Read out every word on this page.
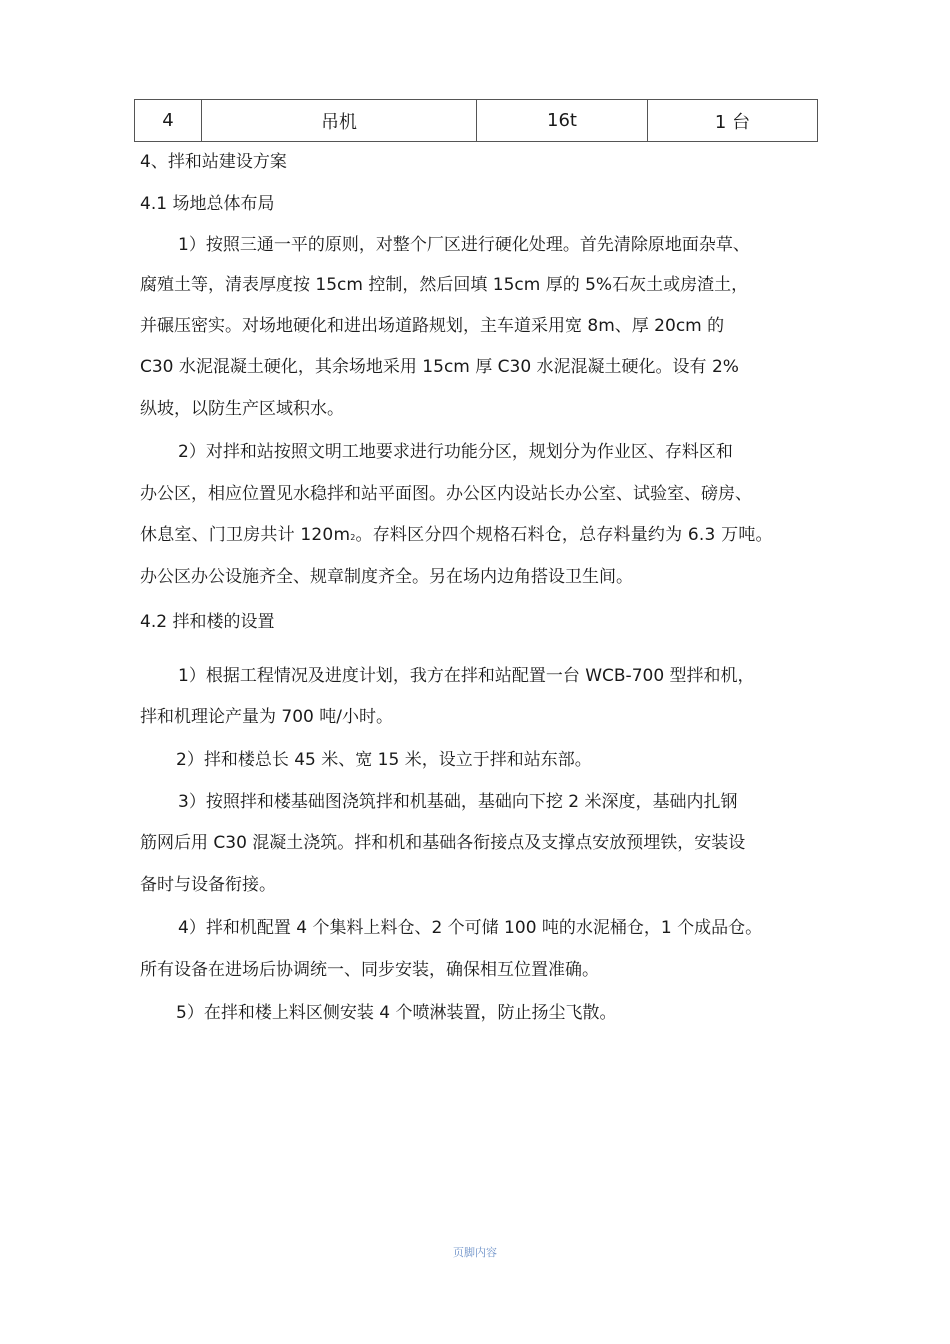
4	吊机	16t	1 台
4、拌和站建设方案
4.1 场地总体布局
1）按照三通一平的原则，对整个厂区进行硬化处理。首先清除原地面杂草、
腐殖土等，清表厚度按 15cm 控制，然后回填 15cm 厚的 5%石灰土或房渣土，
并碾压密实。对场地硬化和进出场道路规划，主车道采用宽 8m、厚 20cm 的
C30 水泥混凝土硬化，其余场地采用 15cm 厚 C30 水泥混凝土硬化。设有 2%
纵坡，以防生产区域积水。
2）对拌和站按照文明工地要求进行功能分区，规划分为作业区、存料区和
办公区，相应位置见水稳拌和站平面图。办公区内设站长办公室、试验室、磅房、
休息室、门卫房共计 120m2。存料区分四个规格石料仓，总存料量约为 6.3 万吨。
办公区办公设施齐全、规章制度齐全。另在场内边角搭设卫生间。
4.2 拌和楼的设置
1）根据工程情况及进度计划，我方在拌和站配置一台 WCB-700 型拌和机，
拌和机理论产量为 700 吨/小时。
2）拌和楼总长 45 米、宽 15 米，设立于拌和站东部。
3）按照拌和楼基础图浇筑拌和机基础，基础向下挖 2 米深度，基础内扎钢
筋网后用 C30 混凝土浇筑。拌和机和基础各衔接点及支撑点安放预埋铁，安装设
备时与设备衔接。
4）拌和机配置 4 个集料上料仓、2 个可储 100 吨的水泥桶仓，1 个成品仓。
所有设备在进场后协调统一、同步安装，确保相互位置准确。
5）在拌和楼上料区侧安装 4 个喷淋装置，防止扬尘飞散。
页脚内容
